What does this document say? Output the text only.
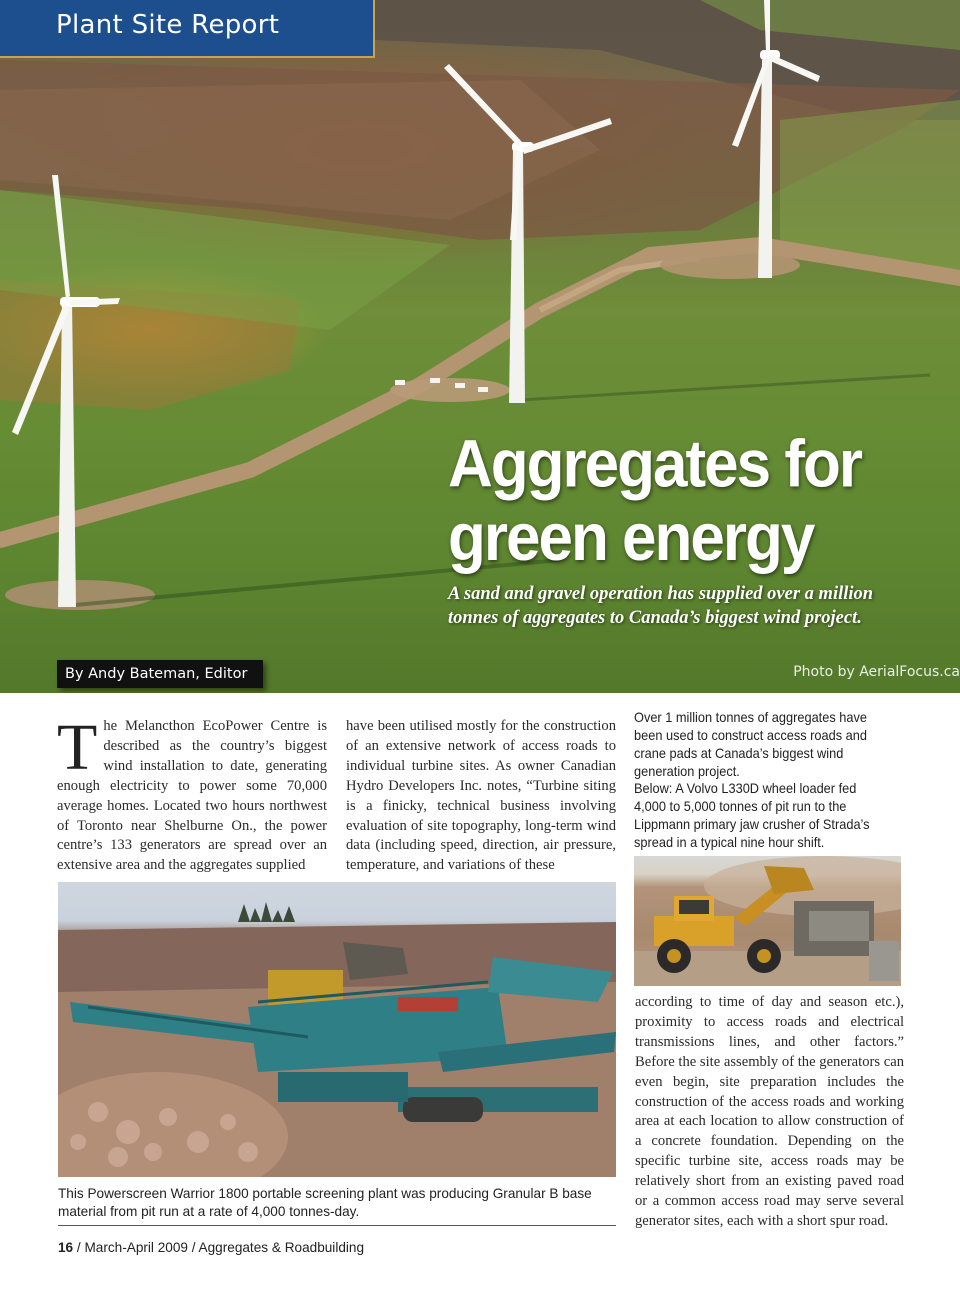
Plant Site Report
Aggregates for
green energy
A sand and gravel operation has supplied over a million tonnes of aggregates to Canada’s biggest wind project.
By Andy Bateman, Editor	Photo by AerialFocus.ca
T he Melancthon EcoPower Centre is described as the country’s biggest wind installation to date, generating enough electricity to power some 70,000 average homes. Located two hours northwest of Toronto near Shelburne On., the power centre’s 133 generators are spread over an extensive area and the aggregates supplied
have been utilised mostly for the construction of an extensive network of access roads to individual turbine sites. As owner Canadian Hydro Developers Inc. notes, “Turbine siting is a finicky, technical business involving evaluation of site topography, long-term wind data (including speed, direction, air pressure, temperature, and variations of these
Over 1 million tonnes of aggregates have been used to construct access roads and crane pads at Canada’s biggest wind generation project.
Below: A Volvo L330D wheel loader fed 4,000 to 5,000 tonnes of pit run to the Lippmann primary jaw crusher of Strada’s spread in a typical nine hour shift.
according to time of day and season etc.), proximity to access roads and electrical transmissions lines, and other factors.” Before the site assembly of the generators can even begin, site preparation includes the construction of the access roads and working area at each location to allow construction of a concrete foundation. Depending on the specific turbine site, access roads may be relatively short from an existing paved road or a common access road may serve several generator sites, each with a short spur road.
This Powerscreen Warrior 1800 portable screening plant was producing Granular B base material from pit run at a rate of 4,000 tonnes-day.
16 / March-April 2009 / Aggregates & Roadbuilding
